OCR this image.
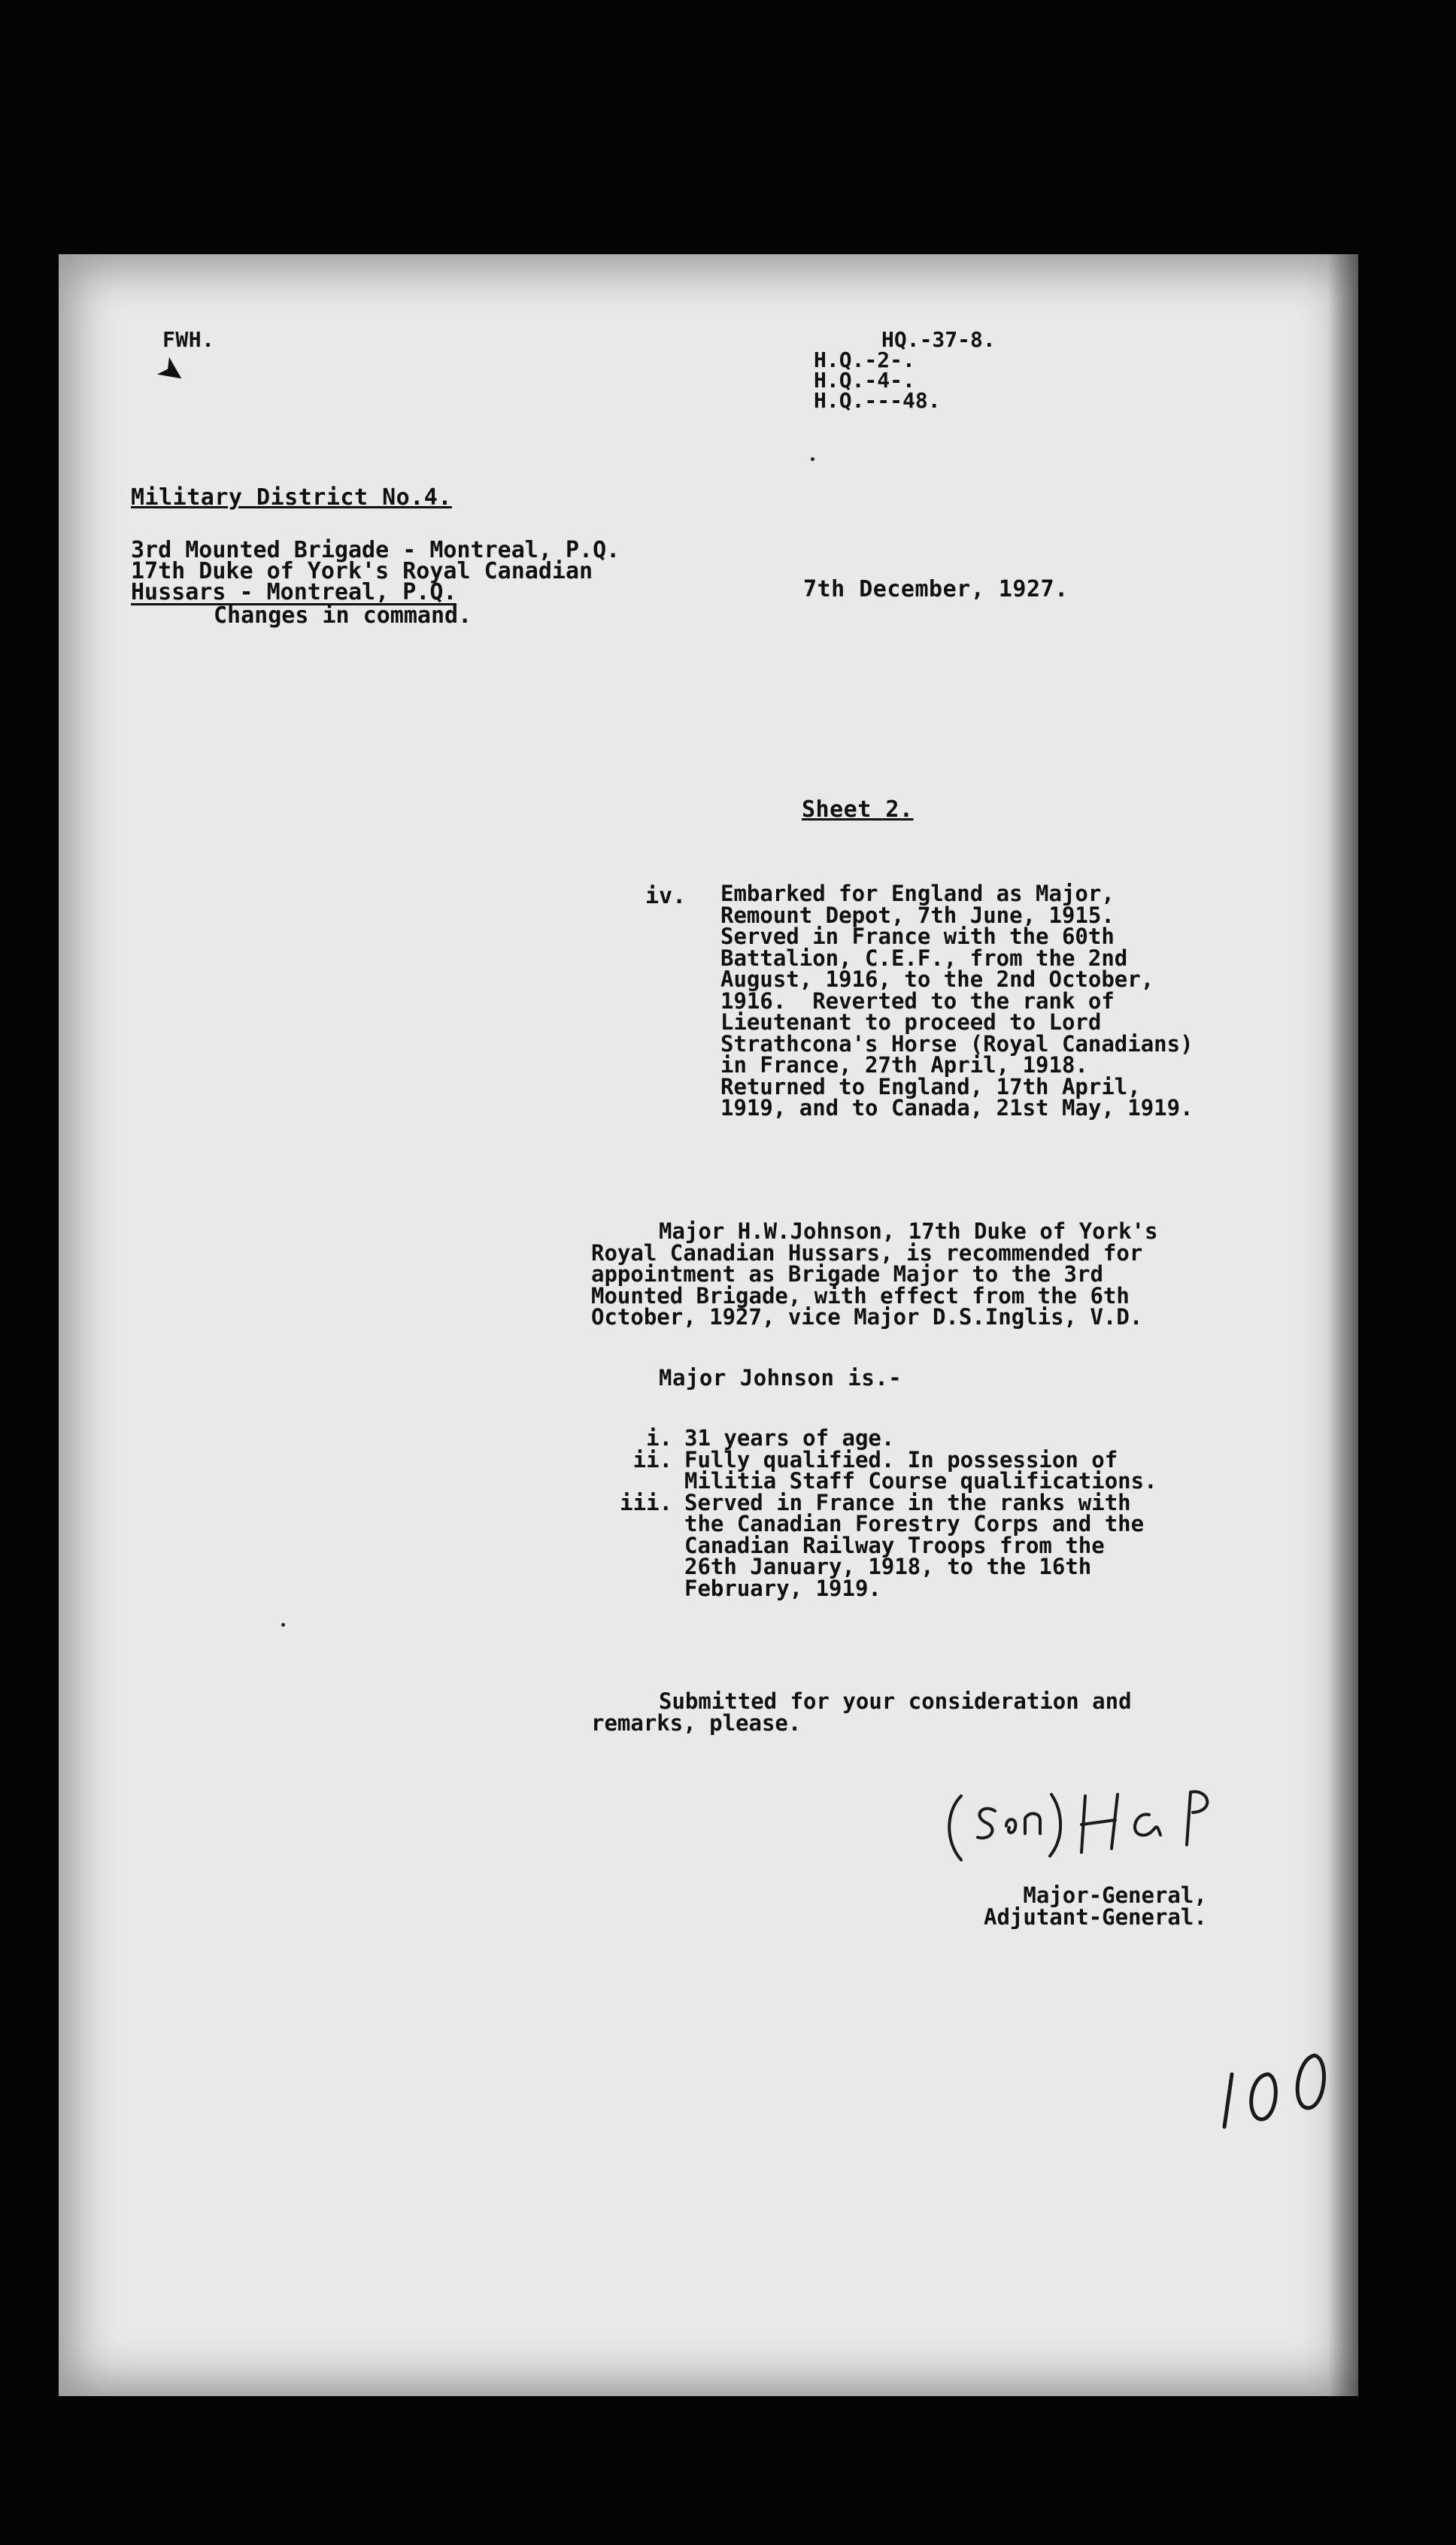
FWH.
➤
HQ.-37-8.
H.Q.-2-.
H.Q.-4-.
H.Q.---48.
Military District No.4.
3rd Mounted Brigade - Montreal, P.Q.
17th Duke of York's Royal Canadian
Hussars - Montreal, P.Q.
Changes in command.
7th December, 1927.
Sheet 2.
iv. Embarked for England as Major,
Remount Depot, 7th June, 1915.
Served in France with the 60th
Battalion, C.E.F., from the 2nd
August, 1916, to the 2nd October,
1916.  Reverted to the rank of
Lieutenant to proceed to Lord
Strathcona's Horse (Royal Canadians)
in France, 27th April, 1918.
Returned to England, 17th April,
1919, and to Canada, 21st May, 1919.
Major H.W.Johnson, 17th Duke of York's
Royal Canadian Hussars, is recommended for
appointment as Brigade Major to the 3rd
Mounted Brigade, with effect from the 6th
October, 1927, vice Major D.S.Inglis, V.D.
Major Johnson is.-
i. 31 years of age.
ii. Fully qualified. In possession of
Militia Staff Course qualifications.
iii. Served in France in the ranks with
the Canadian Forestry Corps and the
Canadian Railway Troops from the
26th January, 1918, to the 16th
February, 1919.
Submitted for your consideration and
remarks, please.
Major-General,
Adjutant-General.
